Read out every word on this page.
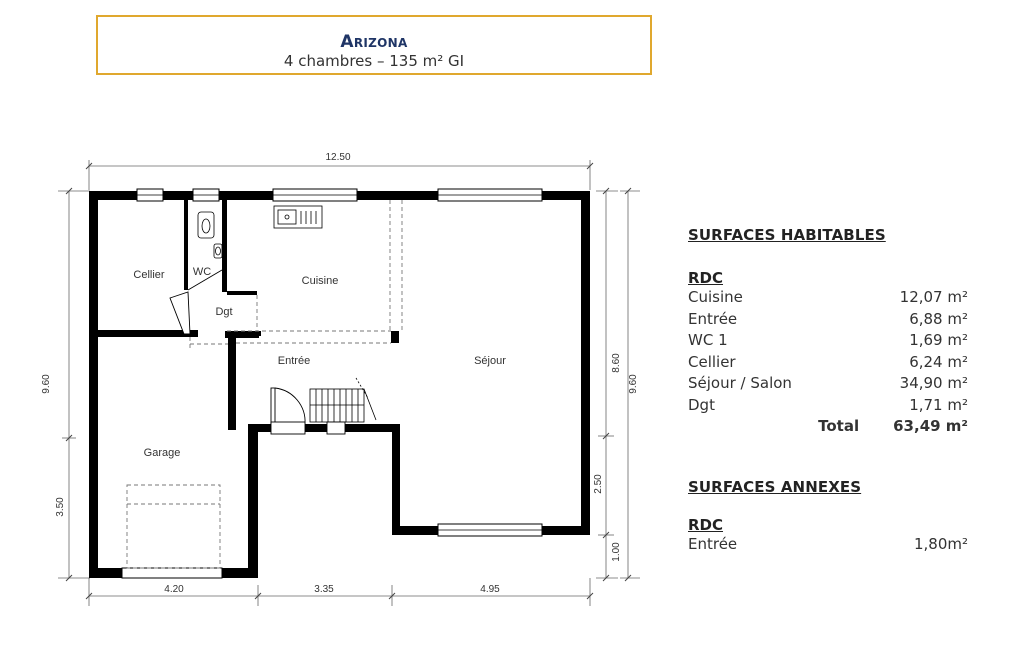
Arizona
4 chambres – 135 m² GI
12.50
4.20	3.35	4.95
9.60
3.50
8.60
2.50
1.00
9.60
Cellier	WC
Dgt
Cuisine
Entrée	Séjour
Garage
SURFACES HABITABLES
RDC
Cuisine	12,07 m²
Entrée	6,88 m²
WC 1	1,69 m²
Cellier	6,24 m²
Séjour / Salon	34,90 m²
Dgt	1,71 m²
Total 63,49 m²
SURFACES ANNEXES
RDC
Entrée	1,80m²
